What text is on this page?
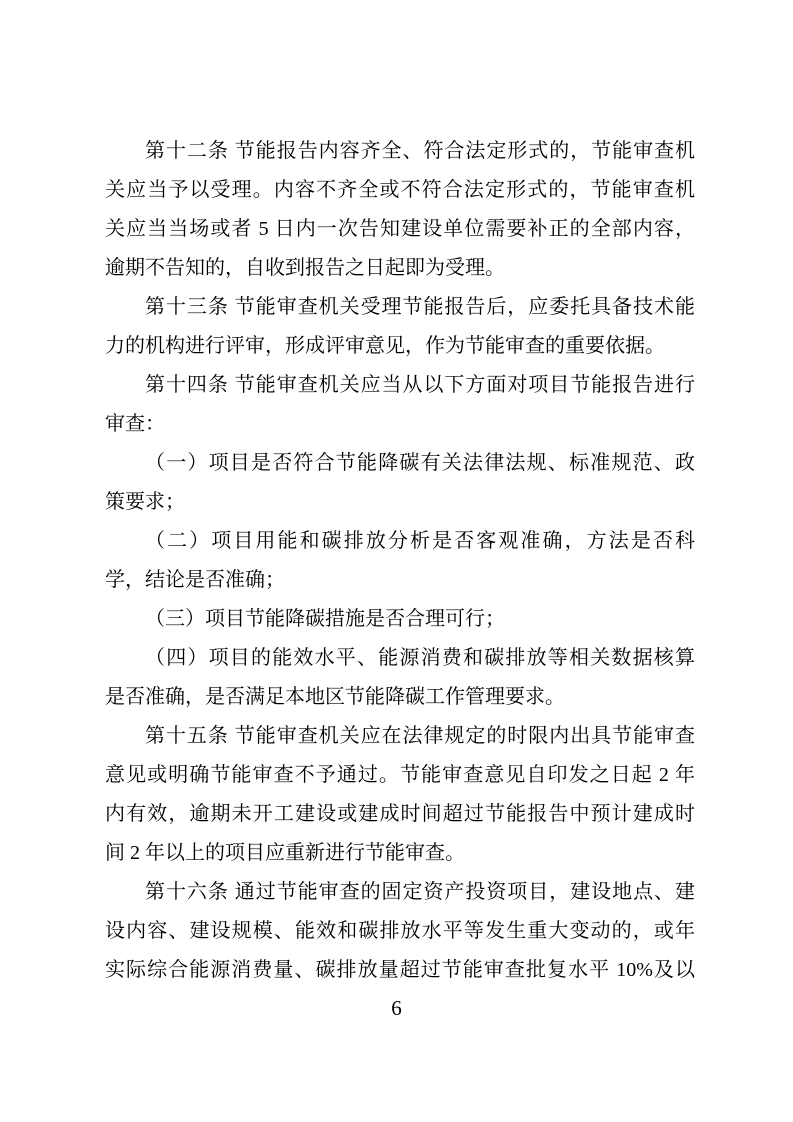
第十二条 节能报告内容齐全、符合法定形式的，节能审查机
关应当予以受理。内容不齐全或不符合法定形式的，节能审查机
关应当当场或者 5 日内一次告知建设单位需要补正的全部内容，
逾期不告知的，自收到报告之日起即为受理。
第十三条 节能审查机关受理节能报告后，应委托具备技术能
力的机构进行评审，形成评审意见，作为节能审查的重要依据。
第十四条 节能审查机关应当从以下方面对项目节能报告进行
审查：
（一）项目是否符合节能降碳有关法律法规、标准规范、政
策要求；
（二）项目用能和碳排放分析是否客观准确，方法是否科
学，结论是否准确；
（三）项目节能降碳措施是否合理可行；
（四）项目的能效水平、能源消费和碳排放等相关数据核算
是否准确，是否满足本地区节能降碳工作管理要求。
第十五条 节能审查机关应在法律规定的时限内出具节能审查
意见或明确节能审查不予通过。节能审查意见自印发之日起 2 年
内有效，逾期未开工建设或建成时间超过节能报告中预计建成时
间 2 年以上的项目应重新进行节能审查。
第十六条 通过节能审查的固定资产投资项目，建设地点、建
设内容、建设规模、能效和碳排放水平等发生重大变动的，或年
实际综合能源消费量、碳排放量超过节能审查批复水平 10%及以
6
